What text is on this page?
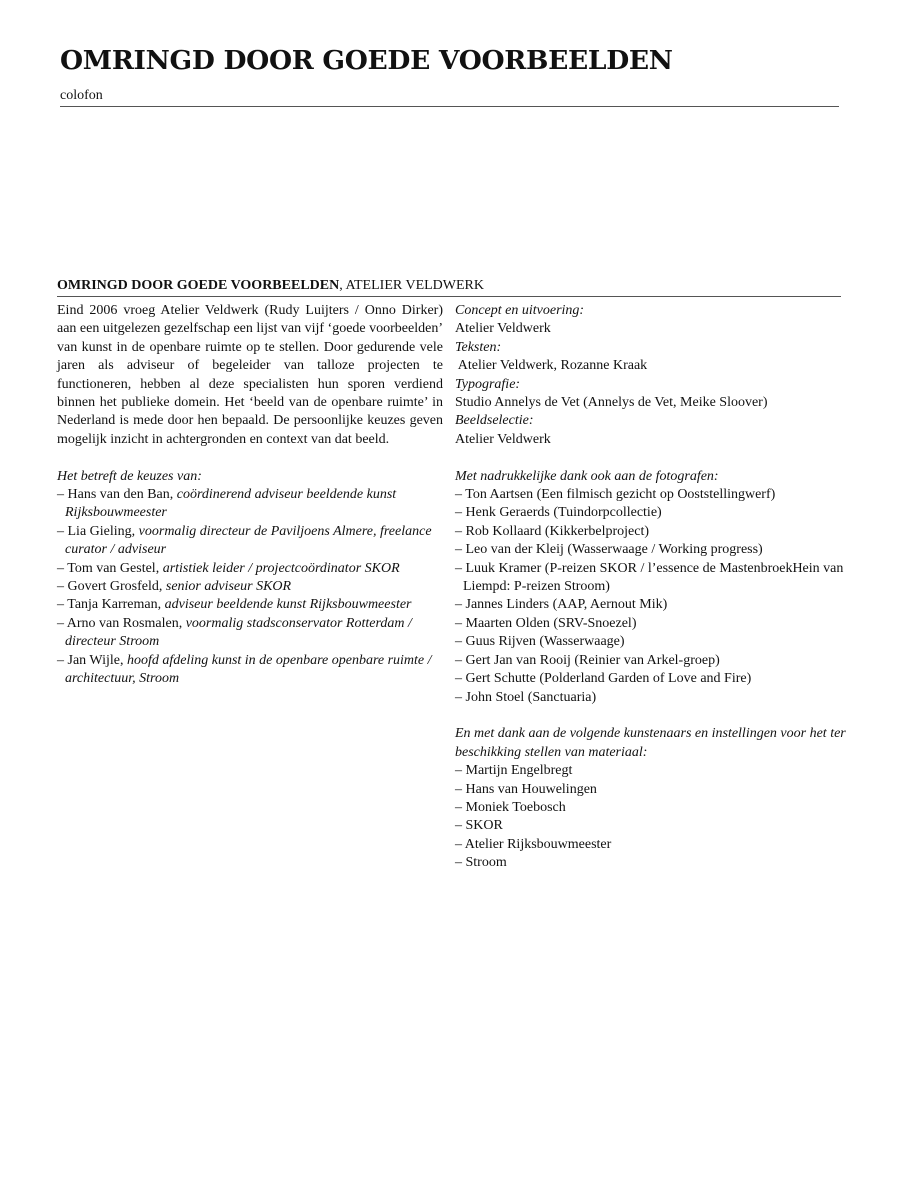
OMRINGD DOOR GOEDE VOORBEELDEN
colofon
OMRINGD DOOR GOEDE VOORBEELDEN, ATELIER VELDWERK

Eind 2006 vroeg Atelier Veldwerk (Rudy Luijters / Onno Dirker) aan een uitgelezen gezelfschap een lijst van vijf ‘goede voorbeelden’ van kunst in de openbare ruimte op te stellen. Door gedurende vele jaren als adviseur of begeleider van talloze projecten te functioneren, hebben al deze specialisten hun sporen verdiend binnen het publieke domein. Het ‘beeld van de openbare ruimte’ in Nederland is mede door hen bepaald. De persoonlijke keuzes geven mogelijk inzicht in achtergronden en context van dat beeld.

Het betreft de keuzes van:

– Hans van den Ban, coördinerend adviseur beeldende kunst Rijksbouwmeester

– Lia Gieling, voormalig directeur de Paviljoens Almere, freelance curator / adviseur

– Tom van Gestel, artistiek leider / projectcoördinator SKOR

– Govert Grosfeld, senior adviseur SKOR

– Tanja Karreman, adviseur beeldende kunst Rijksbouwmeester

– Arno van Rosmalen, voormalig stadsconservator Rotterdam / directeur Stroom

– Jan Wijle, hoofd afdeling kunst in de openbare openbare ruimte / architectuur, Stroom

Concept en uitvoering:

Atelier Veldwerk

Teksten:

Atelier Veldwerk, Rozanne Kraak

Typografie:

Studio Annelys de Vet (Annelys de Vet, Meike Sloover)

Beeldselectie:

Atelier Veldwerk

Met nadrukkelijke dank ook aan de fotografen:

– Ton Aartsen (Een filmisch gezicht op Ooststellingwerf)

– Henk Geraerds (Tuindorpcollectie)

– Rob Kollaard (Kikkerbelproject)

– Leo van der Kleij (Wasserwaage / Working progress)

– Luuk Kramer (P-reizen SKOR / l’essence de MastenbroekHein van Liempd: P-reizen Stroom)

– Jannes Linders (AAP, Aernout Mik)

– Maarten Olden (SRV-Snoezel)

– Guus Rijven (Wasserwaage)

– Gert Jan van Rooij (Reinier van Arkel-groep)

– Gert Schutte (Polderland Garden of Love and Fire)

– John Stoel (Sanctuaria)

En met dank aan de volgende kunstenaars en instellingen voor het ter beschikking stellen van materiaal:

– Martijn Engelbregt

– Hans van Houwelingen

– Moniek Toebosch

– SKOR

– Atelier Rijksbouwmeester

– Stroom
